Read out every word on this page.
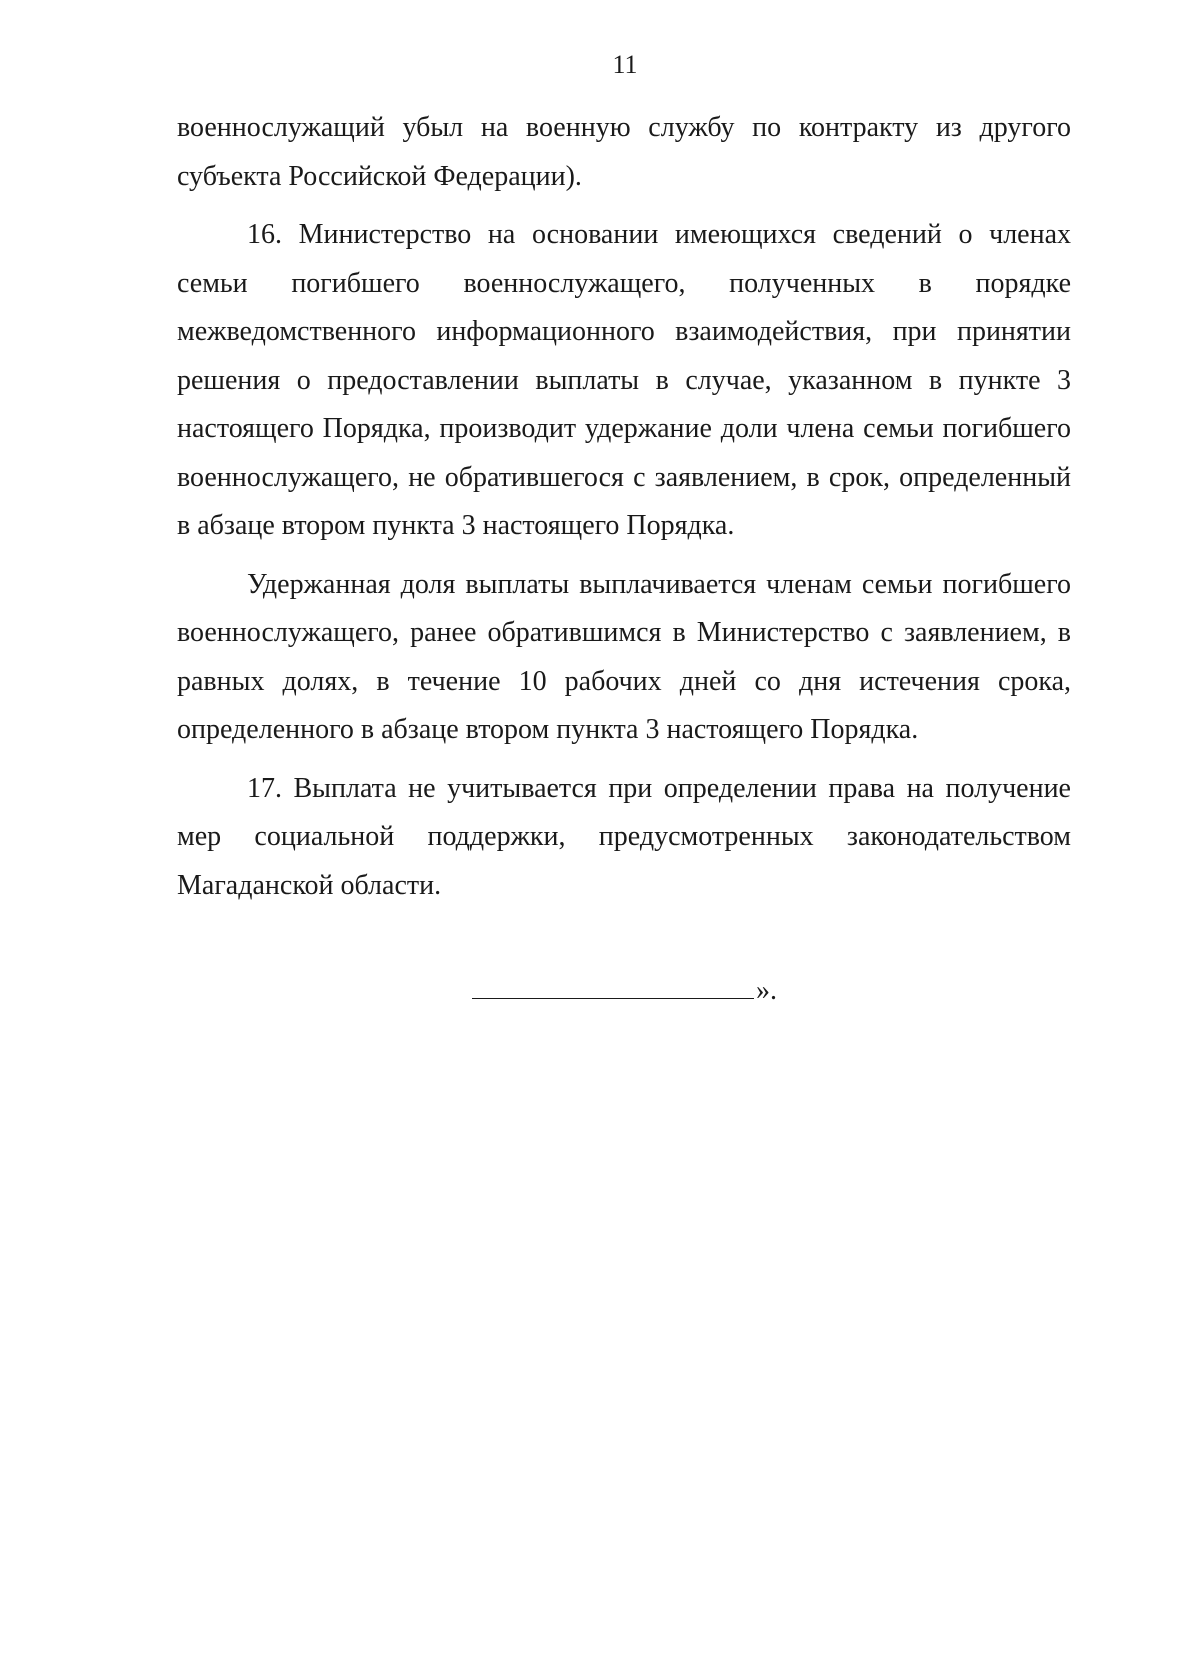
11

военнослужащий убыл на военную службу по контракту из другого субъекта Российской Федерации).

16. Министерство на основании имеющихся сведений о членах семьи погибшего военнослужащего, полученных в порядке межведомственного информационного взаимодействия, при принятии решения о предоставлении выплаты в случае, указанном в пункте 3 настоящего Порядка, производит удержание доли члена семьи погибшего военнослужащего, не обратившегося с заявлением, в срок, определенный в абзаце втором пункта 3 настоящего Порядка.

Удержанная доля выплаты выплачивается членам семьи погибшего военнослужащего, ранее обратившимся в Министерство с заявлением, в равных долях, в течение 10 рабочих дней со дня истечения срока, определенного в абзаце втором пункта 3 настоящего Порядка.

17. Выплата не учитывается при определении права на получение мер социальной поддержки, предусмотренных законодательством Магаданской области.

».
